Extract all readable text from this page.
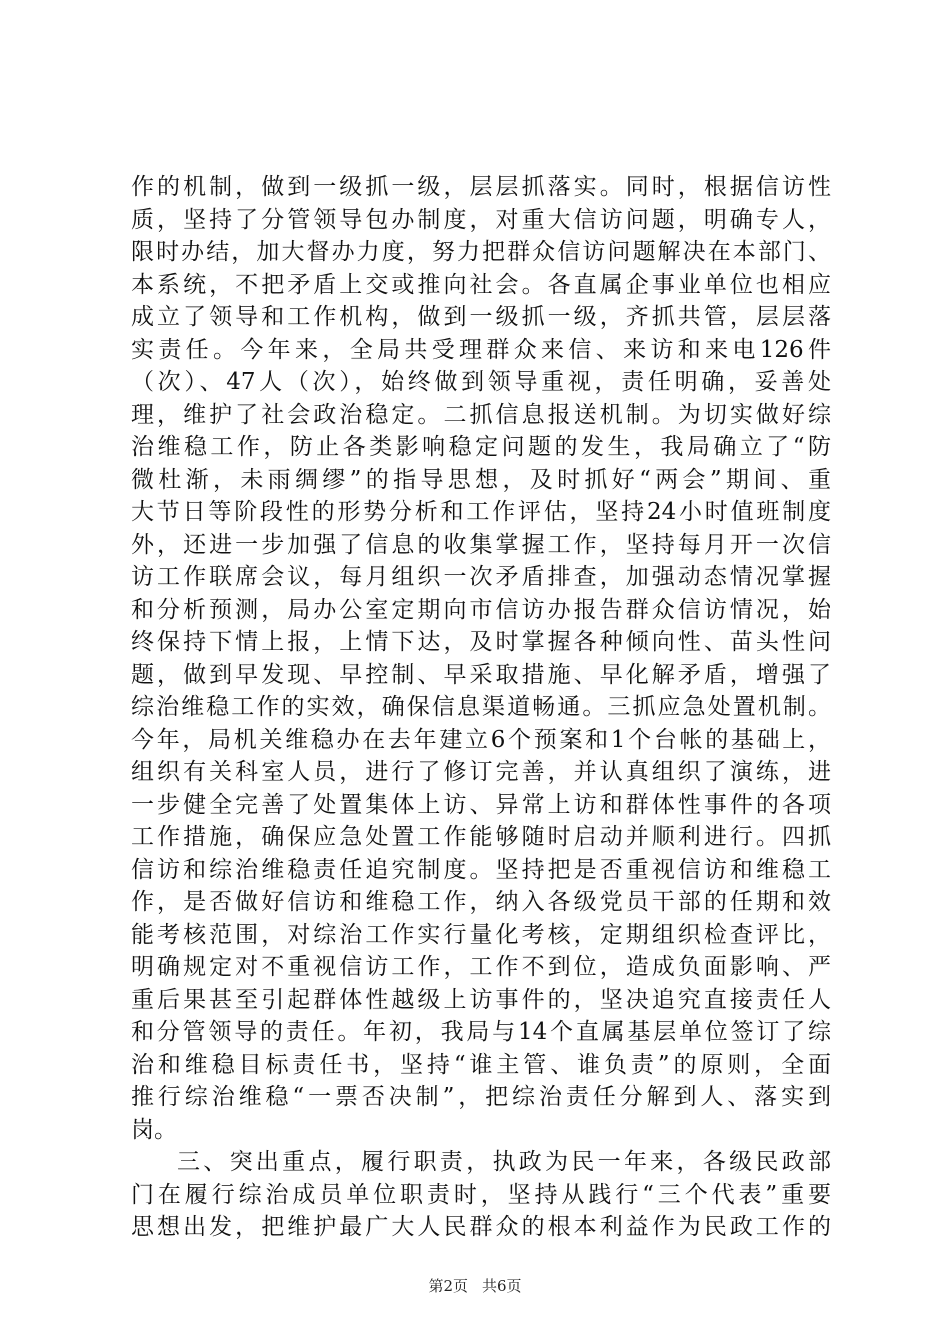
作的机制，做到一级抓一级，层层抓落实。同时，根据信访性
质，坚持了分管领导包办制度，对重大信访问题，明确专人，
限时办结，加大督办力度，努力把群众信访问题解决在本部门、
本系统，不把矛盾上交或推向社会。各直属企事业单位也相应
成立了领导和工作机构，做到一级抓一级，齐抓共管，层层落
实责任。今年来，全局共受理群众来信、来访和来电126件
（次）、47人（次），始终做到领导重视，责任明确，妥善处
理，维护了社会政治稳定。二抓信息报送机制。为切实做好综
治维稳工作，防止各类影响稳定问题的发生，我局确立了“防
微杜渐，未雨绸缪”的指导思想，及时抓好“两会”期间、重
大节日等阶段性的形势分析和工作评估，坚持24小时值班制度
外，还进一步加强了信息的收集掌握工作，坚持每月开一次信
访工作联席会议，每月组织一次矛盾排查，加强动态情况掌握
和分析预测，局办公室定期向市信访办报告群众信访情况，始
终保持下情上报，上情下达，及时掌握各种倾向性、苗头性问
题，做到早发现、早控制、早采取措施、早化解矛盾，增强了
综治维稳工作的实效，确保信息渠道畅通。三抓应急处置机制。
今年，局机关维稳办在去年建立6个预案和1个台帐的基础上，
组织有关科室人员，进行了修订完善，并认真组织了演练，进
一步健全完善了处置集体上访、异常上访和群体性事件的各项
工作措施，确保应急处置工作能够随时启动并顺利进行。四抓
信访和综治维稳责任追究制度。坚持把是否重视信访和维稳工
作，是否做好信访和维稳工作，纳入各级党员干部的任期和效
能考核范围，对综治工作实行量化考核，定期组织检查评比，
明确规定对不重视信访工作，工作不到位，造成负面影响、严
重后果甚至引起群体性越级上访事件的，坚决追究直接责任人
和分管领导的责任。年初，我局与14个直属基层单位签订了综
治和维稳目标责任书，坚持“谁主管、谁负责”的原则，全面
推行综治维稳“一票否决制”，把综治责任分解到人、落实到
岗。
三、突出重点，履行职责，执政为民一年来，各级民政部
门在履行综治成员单位职责时，坚持从践行“三个代表”重要
思想出发，把维护最广大人民群众的根本利益作为民政工作的
第2页 共6页
